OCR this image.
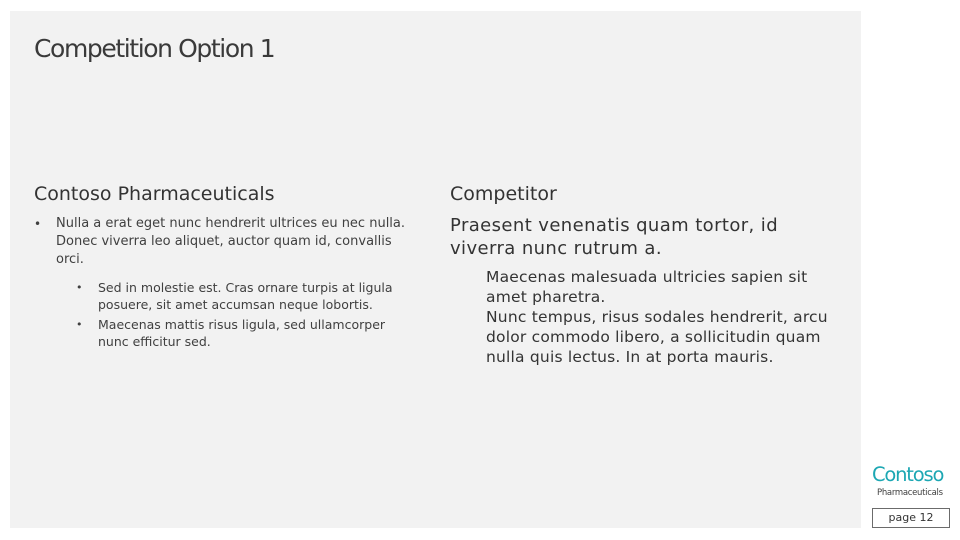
Competition Option 1
Contoso Pharmaceuticals
• Nulla a erat eget nunc hendrerit ultrices eu nec nulla. Donec viverra leo aliquet, auctor quam id, convallis orci.
• Sed in molestie est. Cras ornare turpis at ligula posuere, sit amet accumsan neque lobortis.
• Maecenas mattis risus ligula, sed ullamcorper nunc efficitur sed.
Competitor

Praesent venenatis quam tortor, id viverra nunc rutrum a.

Maecenas malesuada ultricies sapien sit amet pharetra.

Nunc tempus, risus sodales hendrerit, arcu dolor commodo libero, a sollicitudin quam nulla quis lectus. In at porta mauris.

Contoso
Pharmaceuticals
page 12
